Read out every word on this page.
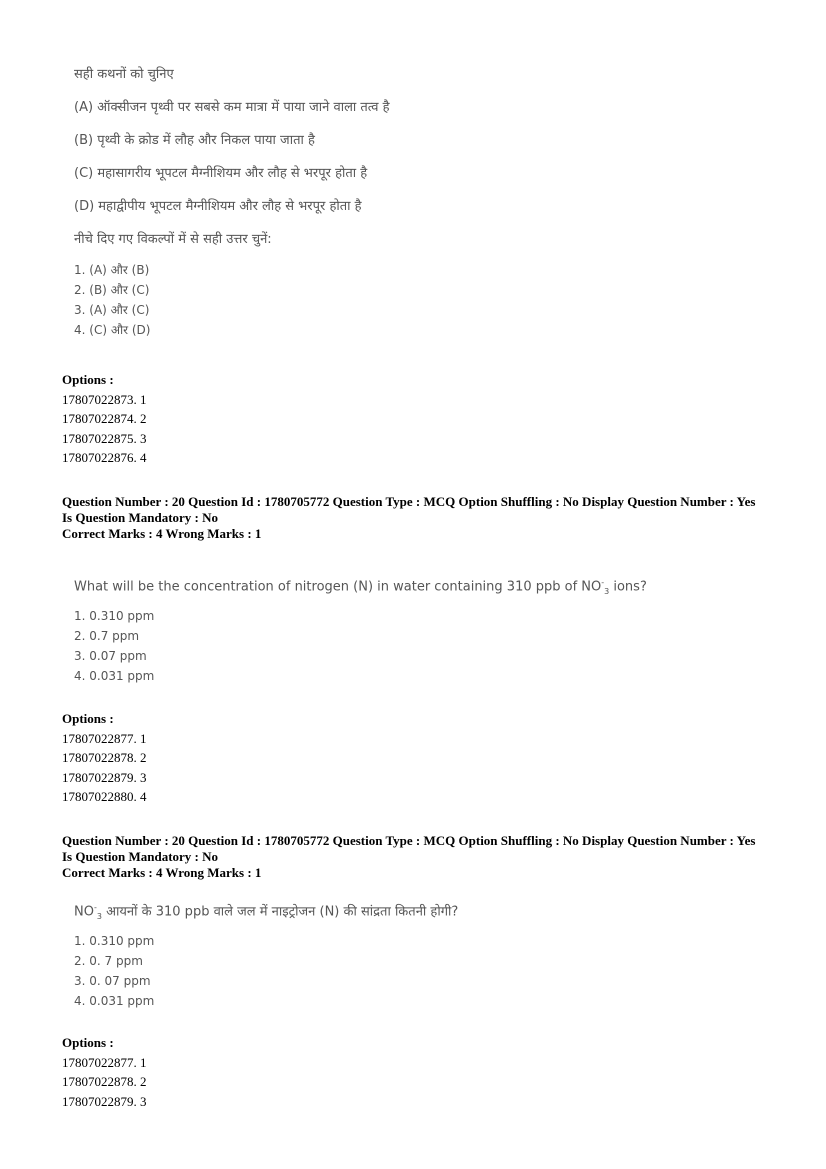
सही कथनों को चुनिए
(A) ऑक्सीजन पृथ्वी पर सबसे कम मात्रा में पाया जाने वाला तत्व है
(B) पृथ्वी के क्रोड में लौह और निकल पाया जाता है
(C) महासागरीय भूपटल मैग्नीशियम और लौह से भरपूर होता है
(D) महाद्वीपीय भूपटल मैग्नीशियम और लौह से भरपूर होता है
नीचे दिए गए विकल्पों में से सही उत्तर चुनें:
1. (A) और (B)
2. (B) और (C)
3. (A) और (C)
4. (C) और (D)
Options :
17807022873. 1
17807022874. 2
17807022875. 3
17807022876. 4
Question Number : 20 Question Id : 1780705772 Question Type : MCQ Option Shuffling : No Display Question Number : Yes
Is Question Mandatory : No
Correct Marks : 4 Wrong Marks : 1
What will be the concentration of nitrogen (N) in water containing 310 ppb of $NO^-_3$ ions?
1. 0.310 ppm
2. 0.7 ppm
3. 0.07 ppm
4. 0.031 ppm
Options :
17807022877. 1
17807022878. 2
17807022879. 3
17807022880. 4
Question Number : 20 Question Id : 1780705772 Question Type : MCQ Option Shuffling : No Display Question Number : Yes
Is Question Mandatory : No
Correct Marks : 4 Wrong Marks : 1
$NO^-_3$ आयनों के 310 ppb वाले जल में नाइट्रोजन (N) की सांद्रता कितनी होगी?
1. 0.310 ppm
2. 0. 7 ppm
3. 0. 07 ppm
4. 0.031 ppm
Options :
17807022877. 1
17807022878. 2
17807022879. 3
